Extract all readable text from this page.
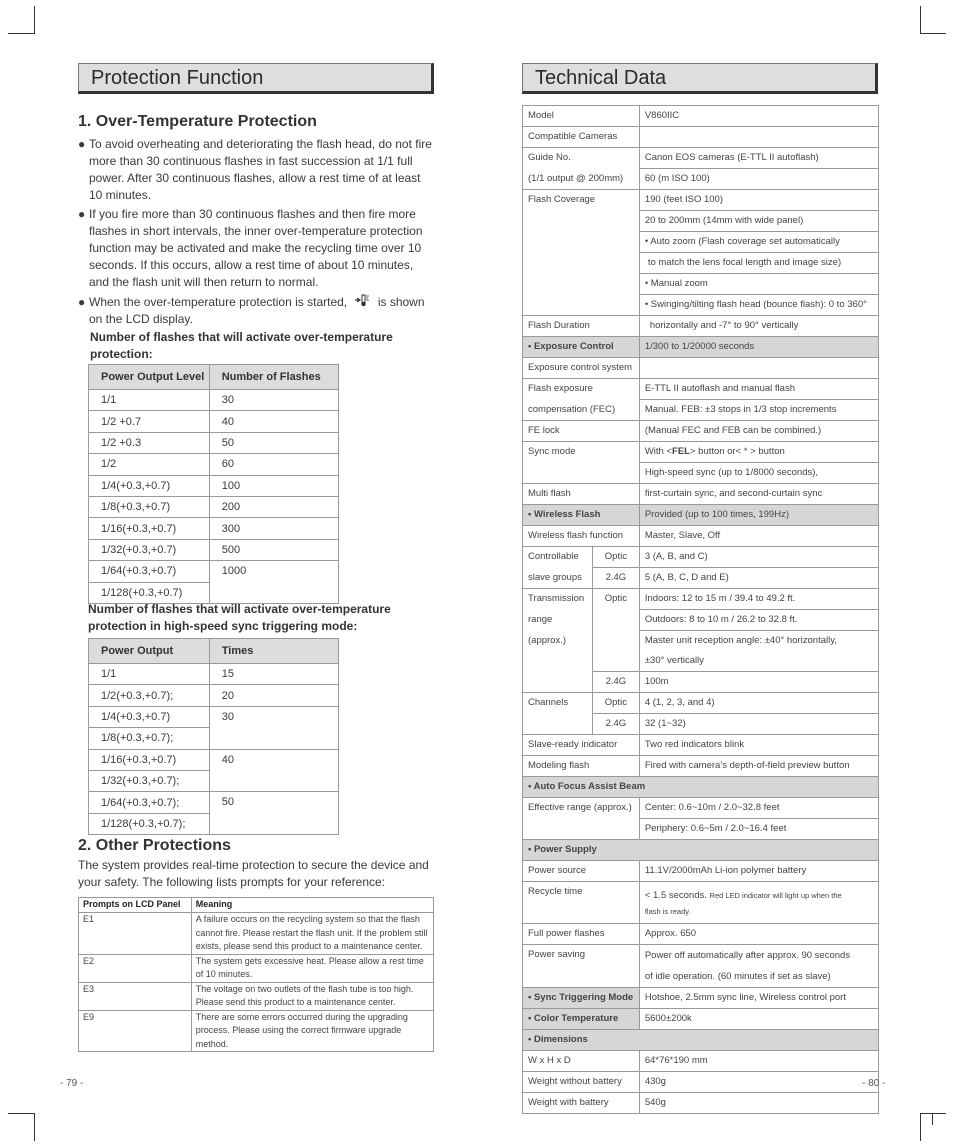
Protection Function
1. Over-Temperature Protection
● To avoid overheating and deteriorating the flash head, do not fire more than 30 continuous flashes in fast succession at 1/1 full power. After 30 continuous flashes, allow a rest time of at least 10 minutes.
● If you fire more than 30 continuous flashes and then fire more flashes in short intervals, the inner over-temperature protection function may be activated and make the recycling time over 10 seconds. If this occurs, allow a rest time of about 10 minutes, and the flash unit will then return to normal.
● When the over-temperature protection is started,	is shown on the LCD display.
Number of flashes that will activate over-temperature protection:
Power Output Level	Number of Flashes
1/1	30
1/2 +0.7	40
1/2 +0.3	50
1/2	60
1/4(+0.3,+0.7)	100
1/8(+0.3,+0.7)	200
1/16(+0.3,+0.7)	300
1/32(+0.3,+0.7)	500
1/64(+0.3,+0.7)	1000
1/128(+0.3,+0.7)	
Number of flashes that will activate over-temperature protection in high-speed sync triggering mode:
Power Output	Times
1/1	15
1/2(+0.3,+0.7);	20
1/4(+0.3,+0.7)	30
1/8(+0.3,+0.7);	
1/16(+0.3,+0.7)	40
1/32(+0.3,+0.7);	
1/64(+0.3,+0.7);	50
1/128(+0.3,+0.7);	
2. Other Protections
The system provides real-time protection to secure the device and your safety. The following lists prompts for your reference:
Prompts on LCD Panel	Meaning
E1	A failure occurs on the recycling system so that the flash cannot fire. Please restart the flash unit. If the problem still exists, please send this product to a maintenance center.
E2	The system gets excessive heat. Please allow a rest time of 10 minutes.
E3	The voltage on two outlets of the flash tube is too high. Please send this product to a maintenance center.
E9	There are some errors occurred during the upgrading process. Please using the correct firmware upgrade method.
- 79 -
Technical Data
Model		V860IIC
Compatible Cameras		
Guide No.		Canon EOS cameras (E-TTL II autoflash)
(1/1 output @ 200mm)		60 (m ISO 100)
Flash Coverage		190 (feet ISO 100)
		20 to 200mm (14mm with wide panel)
		• Auto zoom (Flash coverage set automatically
		to match the lens focal length and image size)
		• Manual zoom
		• Swinging/tilting flash head (bounce flash): 0 to 360°
Flash Duration		horizontally and -7° to 90° vertically
• Exposure Control		1/300 to 1/20000 seconds
Exposure control system		
Flash exposure		E-TTL II autoflash and manual flash
compensation (FEC)		Manual. FEB: ±3 stops in 1/3 stop increments
FE lock		(Manual FEC and FEB can be combined.)
Sync mode		With <FEL> button or< * > button
		High-speed sync (up to 1/8000 seconds),
Multi flash		first-curtain sync, and second-curtain sync
• Wireless Flash		Provided (up to 100 times, 199Hz)
Wireless flash function		Master, Slave, Off
Controllable	Optic	3 (A, B, and C)
slave groups	2.4G	5 (A, B, C, D and E)
Transmission	Optic	Indoors: 12 to 15 m / 39.4 to 49.2 ft.
range		Outdoors: 8 to 10 m / 26.2 to 32.8 ft.
(approx.)		Master unit reception angle: ±40° horizontally,
		±30° vertically
	2.4G	100m
Channels	Optic	4 (1, 2, 3, and 4)
	2.4G	32 (1~32)
Slave-ready indicator		Two red indicators blink
Modeling flash		Fired with camera’s depth-of-field preview button
• Auto Focus Assist Beam		
Effective range (approx.)		Center: 0.6~10m / 2.0~32.8 feet
		Periphery: 0.6~5m / 2.0~16.4 feet
• Power Supply		
Power source		11.1V/2000mAh Li-ion polymer battery
Recycle time		< 1.5 seconds. Red LED indicator will light up when the
flash is ready.
Full power flashes		Approx. 650
Power saving		Power off automatically after approx. 90 seconds
of idle operation. (60 minutes if set as slave)
• Sync Triggering Mode		Hotshoe, 2.5mm sync line, Wireless control port
• Color Temperature		5600±200k
• Dimensions		
W x H x D		64*76*190 mm
Weight without battery		430g
Weight with battery		540g
- 80 -
